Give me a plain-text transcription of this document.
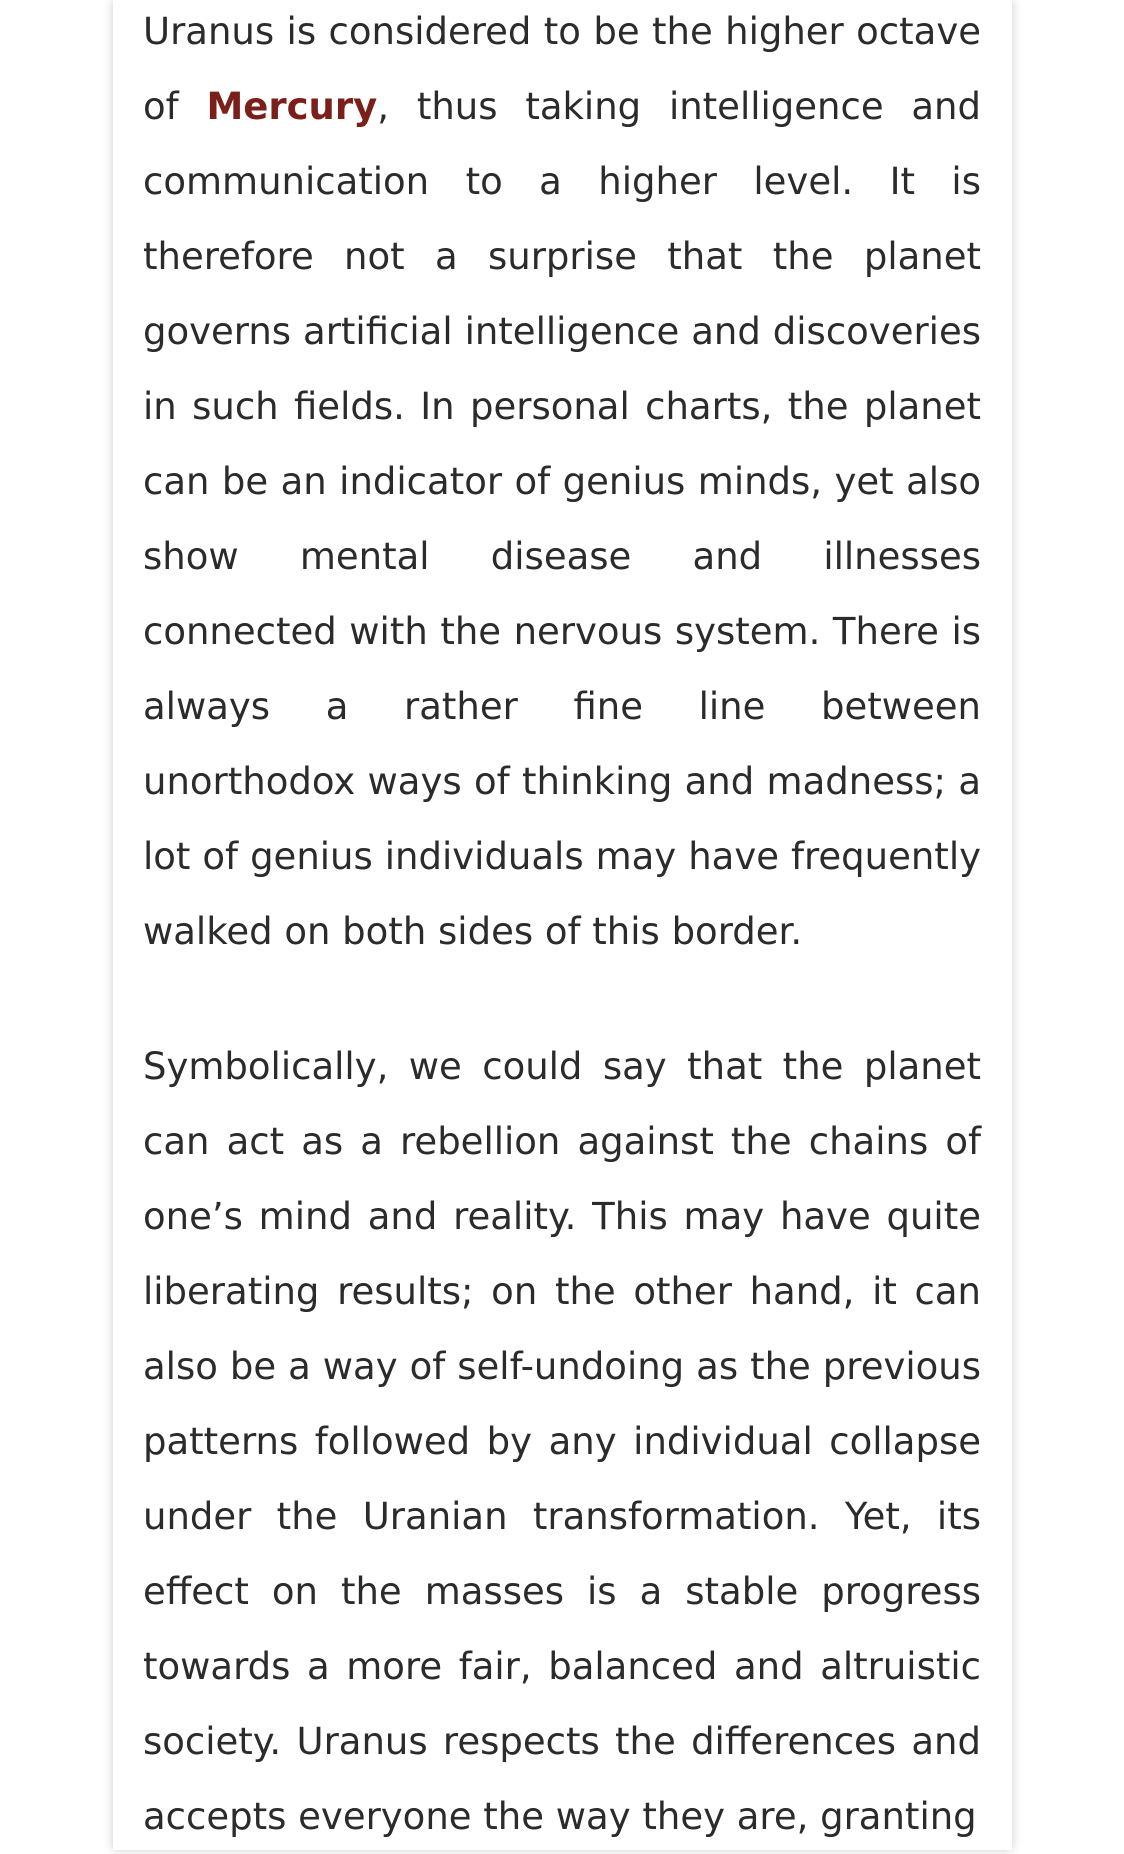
Uranus is considered to be the higher octave of Mercury, thus taking intelligence and communication to a higher level. It is therefore not a surprise that the planet governs artificial intelligence and discoveries in such fields. In personal charts, the planet can be an indicator of genius minds, yet also show mental disease and illnesses connected with the nervous system. There is always a rather fine line between unorthodox ways of thinking and madness; a lot of genius individuals may have frequently walked on both sides of this border.

Symbolically, we could say that the planet can act as a rebellion against the chains of one’s mind and reality. This may have quite liberating results; on the other hand, it can also be a way of self-undoing as the previous patterns followed by any individual collapse under the Uranian transformation. Yet, its effect on the masses is a stable progress towards a more fair, balanced and altruistic society. Uranus respects the differences and accepts everyone the way they are, granting
